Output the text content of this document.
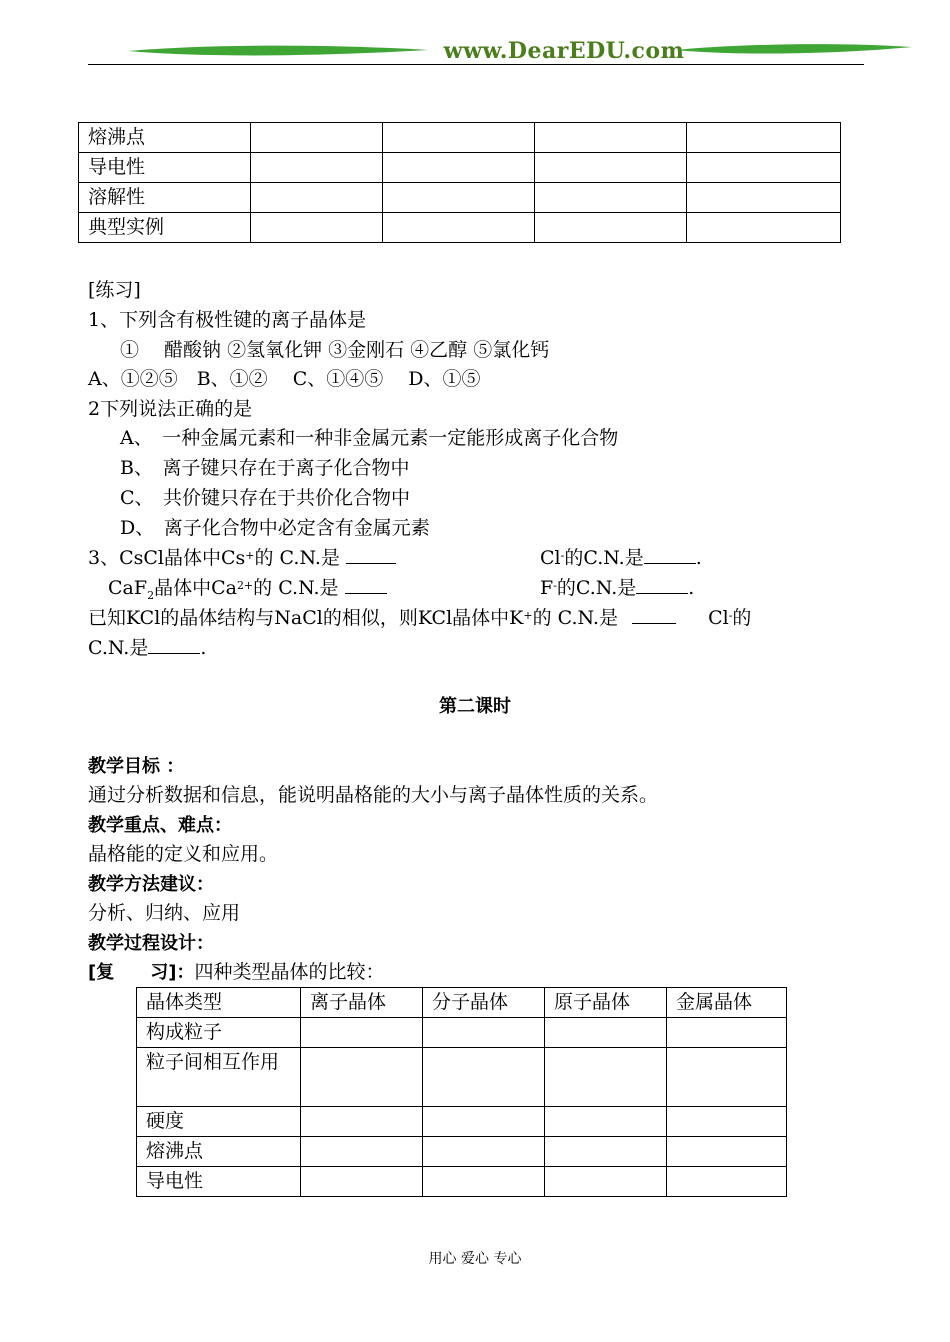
www.DearEDU.com
熔沸点				
导电性				
溶解性				
典型实例				
[练习]
1、下列含有极性键的离子晶体是
①　 醋酸钠 ②氢氧化钾 ③金刚石 ④乙醇 ⑤氯化钙
A、①②⑤　B、①②　 C、①④⑤　 D、①⑤
2下列说法正确的是
A、　一种金属元素和一种非金属元素一定能形成离子化合物
B、　离子键只存在于离子化合物中
C、　共价键只存在于共价化合物中
D、　离子化合物中必定含有金属元素
3、CsCl晶体中Cs+的 C.N.是	Cl-的C.N.是	.
CaF$_2$晶体中$Ca^{2+}$的 C.N.是	F-的C.N.是	.
已知KCl的晶体结构与NaCl的相似，则KCl晶体中K+的 C.N.是	Cl-的
C.N.是	.
第二课时
教学目标 ：
通过分析数据和信息，能说明晶格能的大小与离子晶体性质的关系。
教学重点、难点：
晶格能的定义和应用。
教学方法建议：
分析、归纳、应用
教学过程设计：
[复　　习]：四种类型晶体的比较：
晶体类型	离子晶体	分子晶体	原子晶体	金属晶体
构成粒子				
粒子间相互作用				
硬度				
熔沸点				
导电性				
用心 爱心 专心
